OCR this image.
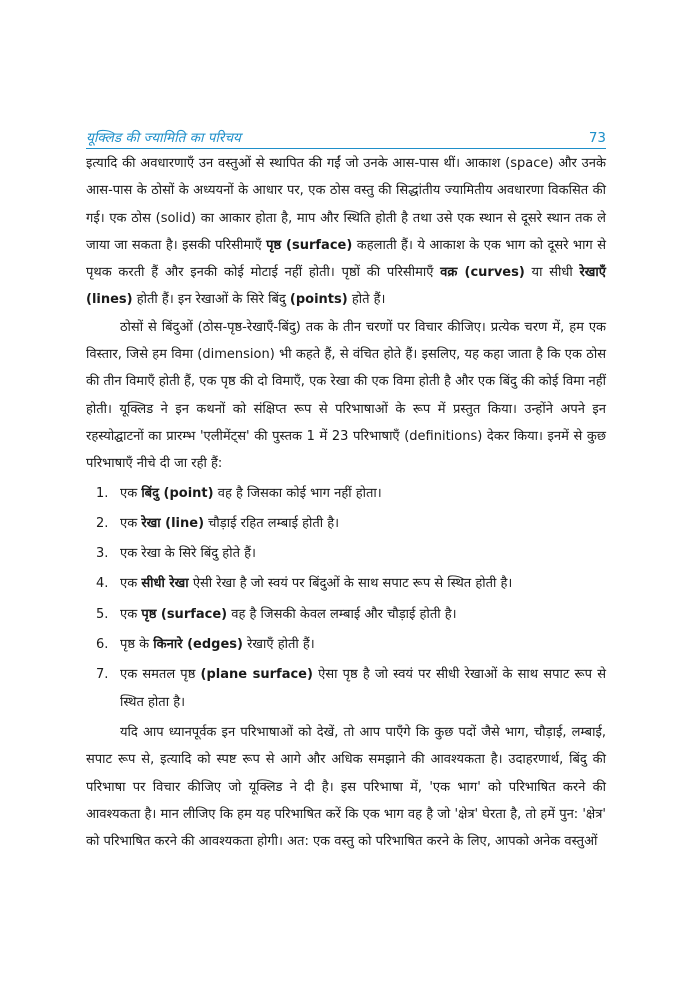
यूक्लिड की ज्यामिति का परिचय	73

इत्यादि की अवधारणाएँ उन वस्तुओं से स्थापित की गईं जो उनके आस-पास थीं। आकाश (space) और उनके आस-पास के ठोसों के अध्ययनों के आधार पर, एक ठोस वस्तु की सिद्धांतीय ज्यामितीय अवधारणा विकसित की गई। एक ठोस (solid) का आकार होता है, माप और स्थिति होती है तथा उसे एक स्थान से दूसरे स्थान तक ले जाया जा सकता है। इसकी परिसीमाएँ पृष्ठ (surface) कहलाती हैं। ये आकाश के एक भाग को दूसरे भाग से पृथक करती हैं और इनकी कोई मोटाई नहीं होती। पृष्ठों की परिसीमाएँ वक्र (curves) या सीधी रेखाएँ (lines) होती हैं। इन रेखाओं के सिरे बिंदु (points) होते हैं।

ठोसों से बिंदुओं (ठोस-पृष्ठ-रेखाएँ-बिंदु) तक के तीन चरणों पर विचार कीजिए। प्रत्येक चरण में, हम एक विस्तार, जिसे हम विमा (dimension) भी कहते हैं, से वंचित होते हैं। इसलिए, यह कहा जाता है कि एक ठोस की तीन विमाएँ होती हैं, एक पृष्ठ की दो विमाएँ, एक रेखा की एक विमा होती है और एक बिंदु की कोई विमा नहीं होती। यूक्लिड ने इन कथनों को संक्षिप्त रूप से परिभाषाओं के रूप में प्रस्तुत किया। उन्होंने अपने इन रहस्योद्घाटनों का प्रारम्भ 'एलीमेंट्स' की पुस्तक 1 में 23 परिभाषाएँ (definitions) देकर किया। इनमें से कुछ परिभाषाएँ नीचे दी जा रही हैं:

1. एक बिंदु (point) वह है जिसका कोई भाग नहीं होता।
2. एक रेखा (line) चौड़ाई रहित लम्बाई होती है।
3. एक रेखा के सिरे बिंदु होते हैं।
4. एक सीधी रेखा ऐसी रेखा है जो स्वयं पर बिंदुओं के साथ सपाट रूप से स्थित होती है।
5. एक पृष्ठ (surface) वह है जिसकी केवल लम्बाई और चौड़ाई होती है।
6. पृष्ठ के किनारे (edges) रेखाएँ होती हैं।
7. एक समतल पृष्ठ (plane surface) ऐसा पृष्ठ है जो स्वयं पर सीधी रेखाओं के साथ सपाट रूप से स्थित होता है।

यदि आप ध्यानपूर्वक इन परिभाषाओं को देखें, तो आप पाएँगे कि कुछ पदों जैसे भाग, चौड़ाई, लम्बाई, सपाट रूप से, इत्यादि को स्पष्ट रूप से आगे और अधिक समझाने की आवश्यकता है। उदाहरणार्थ, बिंदु की परिभाषा पर विचार कीजिए जो यूक्लिड ने दी है। इस परिभाषा में, 'एक भाग' को परिभाषित करने की आवश्यकता है। मान लीजिए कि हम यह परिभाषित करें कि एक भाग वह है जो 'क्षेत्र' घेरता है, तो हमें पुन: 'क्षेत्र' को परिभाषित करने की आवश्यकता होगी। अत: एक वस्तु को परिभाषित करने के लिए, आपको अनेक वस्तुओं
